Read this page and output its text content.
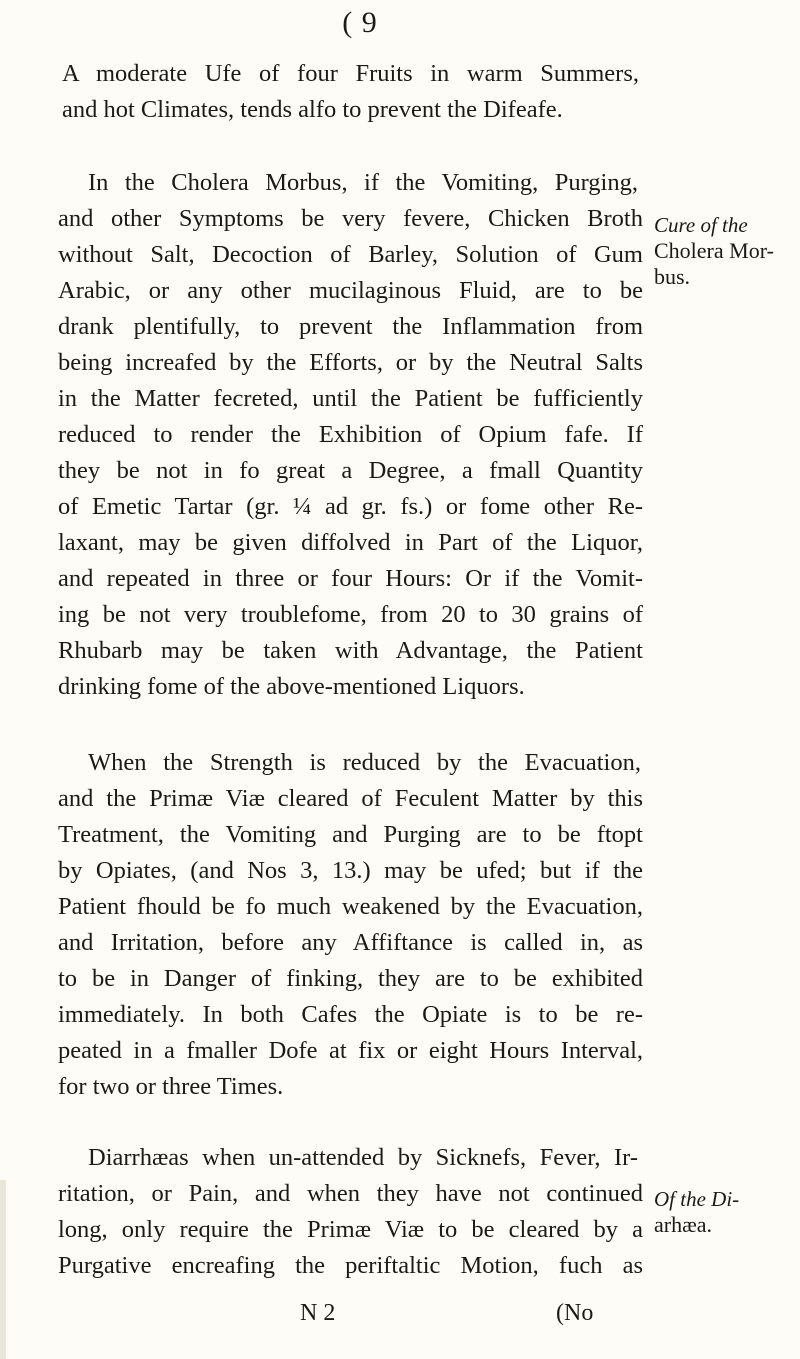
( 9
A moderate Ufe of four Fruits in warm Summers,
and hot Climates, tends alfo to prevent the Difeafe.
In the Cholera Morbus, if the Vomiting, Purging,
and other Symptoms be very fevere, Chicken Broth
without Salt, Decoction of Barley, Solution of Gum
Arabic, or any other mucilaginous Fluid, are to be
drank plentifully, to prevent the Inflammation from
being increafed by the Efforts, or by the Neutral Salts
in the Matter fecreted, until the Patient be fufficiently
reduced to render the Exhibition of Opium fafe. If
they be not in fo great a Degree, a fmall Quantity
of Emetic Tartar (gr. ¼ ad gr. fs.) or fome other Re-
laxant, may be given diffolved in Part of the Liquor,
and repeated in three or four Hours: Or if the Vomit-
ing be not very troublefome, from 20 to 30 grains of
Rhubarb may be taken with Advantage, the Patient
drinking fome of the above-mentioned Liquors.
When the Strength is reduced by the Evacuation,
and the Primæ Viæ cleared of Feculent Matter by this
Treatment, the Vomiting and Purging are to be ftopt
by Opiates, (and Nos 3, 13.) may be ufed; but if the
Patient fhould be fo much weakened by the Evacuation,
and Irritation, before any Affiftance is called in, as
to be in Danger of finking, they are to be exhibited
immediately. In both Cafes the Opiate is to be re-
peated in a fmaller Dofe at fix or eight Hours Interval,
for two or three Times.
Diarrhæas when un-attended by Sicknefs, Fever, Ir-
ritation, or Pain, and when they have not continued
long, only require the Primæ Viæ to be cleared by a
Purgative encreafing the periftaltic Motion, fuch as
Cure of the
Cholera Mor-
bus.
Of the Di-
arhæa.
N 2	(No
